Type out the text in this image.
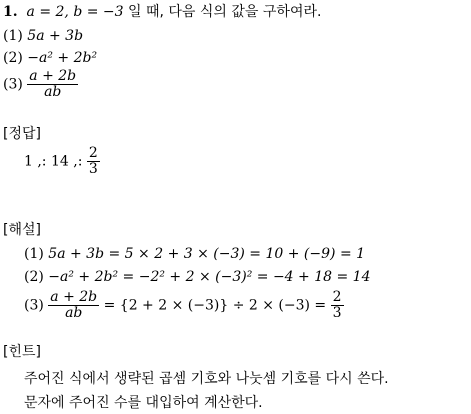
1. a = 2, b = −3 일 때, 다음 식의 값을 구하여라.
(1) 5a + 3b
(2) −a² + 2b²
$(3) \frac{a + 2b}{ab}$
[정답]
1 ,: 14 ,: $\frac{2}{3}$
[해설]
(1) 5a + 3b = 5 × 2 + 3 × (−3) = 10 + (−9) = 1
(2) −a² + 2b² = −2² + 2 × (−3)² = −4 + 18 = 14
$(3) \frac{a + 2b}{ab} = \{2 + 2 \times (-3)\} \div 2 \times (-3) = \frac{2}{3}$
[힌트]
주어진 식에서 생략된 곱셈 기호와 나눗셈 기호를 다시 쓴다.
문자에 주어진 수를 대입하여 계산한다.
